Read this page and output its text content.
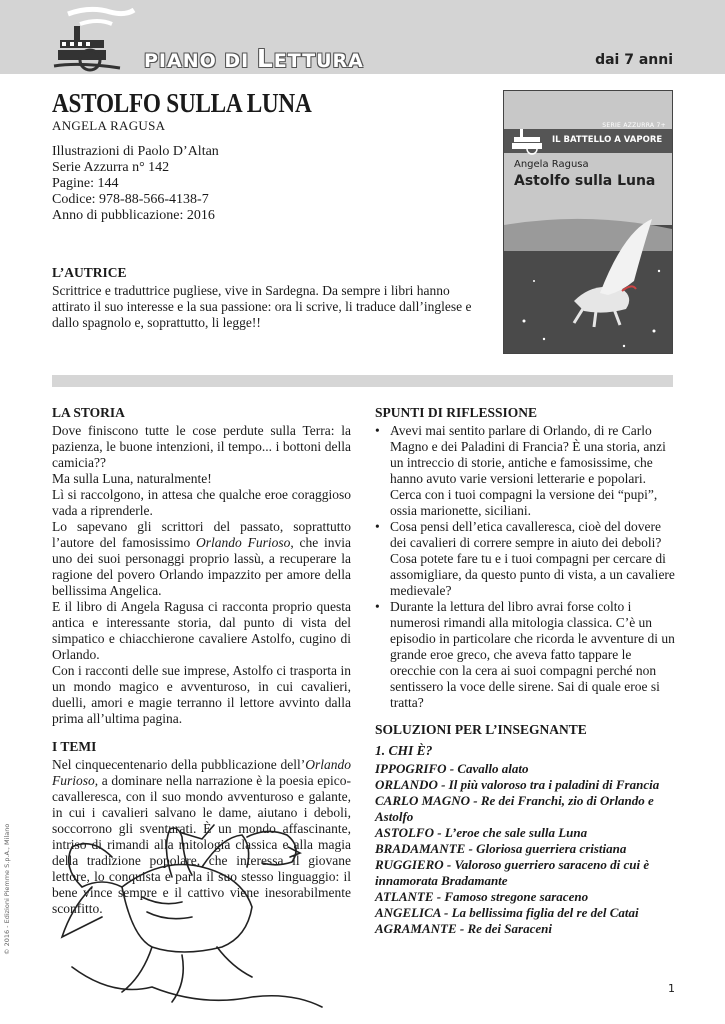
PIANO DI LETTURA	dai 7 anni
ASTOLFO SULLA LUNA
ANGELA RAGUSA
Illustrazioni di Paolo D’Altan
Serie Azzurra n° 142
Pagine: 144
Codice: 978-88-566-4138-7
Anno di pubblicazione: 2016
SERIE AZZURRA 7+
IL BATTELLO A VAPORE
Angela Ragusa
Astolfo sulla Luna
L’AUTRICE

Scrittrice e traduttrice pugliese, vive in Sardegna. Da sempre i libri hanno attirato il suo interesse e la sua passione: ora li scrive, li traduce dall’inglese e dallo spagnolo e, soprattutto, li legge!!

LA STORIA

Dove finiscono tutte le cose perdute sulla Terra: la pazienza, le buone intenzioni, il tempo... i bottoni della camicia??

Ma sulla Luna, naturalmente!

Lì si raccolgono, in attesa che qualche eroe coraggioso vada a riprenderle.

Lo sapevano gli scrittori del passato, soprattutto l’autore del famosissimo Orlando Furioso, che invia uno dei suoi personaggi proprio lassù, a recuperare la ragione del povero Orlando impazzito per amore della bellissima Angelica.

E il libro di Angela Ragusa ci racconta proprio questa antica e interessante storia, dal punto di vista del simpatico e chiacchierone cavaliere Astolfo, cugino di Orlando.

Con i racconti delle sue imprese, Astolfo ci trasporta in un mondo magico e avventuroso, in cui cavalieri, duelli, amori e magie terranno il lettore avvinto dalla prima all’ultima pagina.

I TEMI

Nel cinquecentenario della pubblicazione dell’Orlando Furioso, a dominare nella narrazione è la poesia epico-cavalleresca, con il suo mondo avventuroso e galante, in cui i cavalieri salvano le dame, aiutano i deboli, soccorrono gli sventurati. È un mondo affascinante, intriso di rimandi alla mitologia classica e alla magia della tradizione popolare, che interessa il giovane lettore, lo conquista e parla il suo stesso linguaggio: il bene vince sempre e il cattivo viene inesorabilmente sconfitto.

SPUNTI DI RIFLESSIONE
• Avevi mai sentito parlare di Orlando, di re Carlo Magno e dei Paladini di Francia? È una storia, anzi un intreccio di storie, antiche e famosissime, che hanno avuto varie versioni letterarie e popolari. Cerca con i tuoi compagni la versione dei “pupi”, ossia marionette, siciliani.
• Cosa pensi dell’etica cavalleresca, cioè del dovere dei cavalieri di correre sempre in aiuto dei deboli? Cosa potete fare tu e i tuoi compagni per cercare di assomigliare, da questo punto di vista, a un cavaliere medievale?
• Durante la lettura del libro avrai forse colto i numerosi rimandi alla mitologia classica. C’è un episodio in particolare che ricorda le avventure di un grande eroe greco, che aveva fatto tappare le orecchie con la cera ai suoi compagni perché non sentissero la voce delle sirene. Sai di quale eroe si tratta?
SOLUZIONI PER L’INSEGNANTE
1. CHI È?
IPPOGRIFO - Cavallo alato
ORLANDO - Il più valoroso tra i paladini di Francia
CARLO MAGNO - Re dei Franchi, zio di Orlando e Astolfo
ASTOLFO - L’eroe che sale sulla Luna
BRADAMANTE - Gloriosa guerriera cristiana
RUGGIERO - Valoroso guerriero saraceno di cui è innamorata Bradamante
ATLANTE - Famoso stregone saraceno
ANGELICA - La bellissima figlia del re del Catai
AGRAMANTE - Re dei Saraceni
© 2016 - Edizioni Piemme S.p.A., Milano
1
